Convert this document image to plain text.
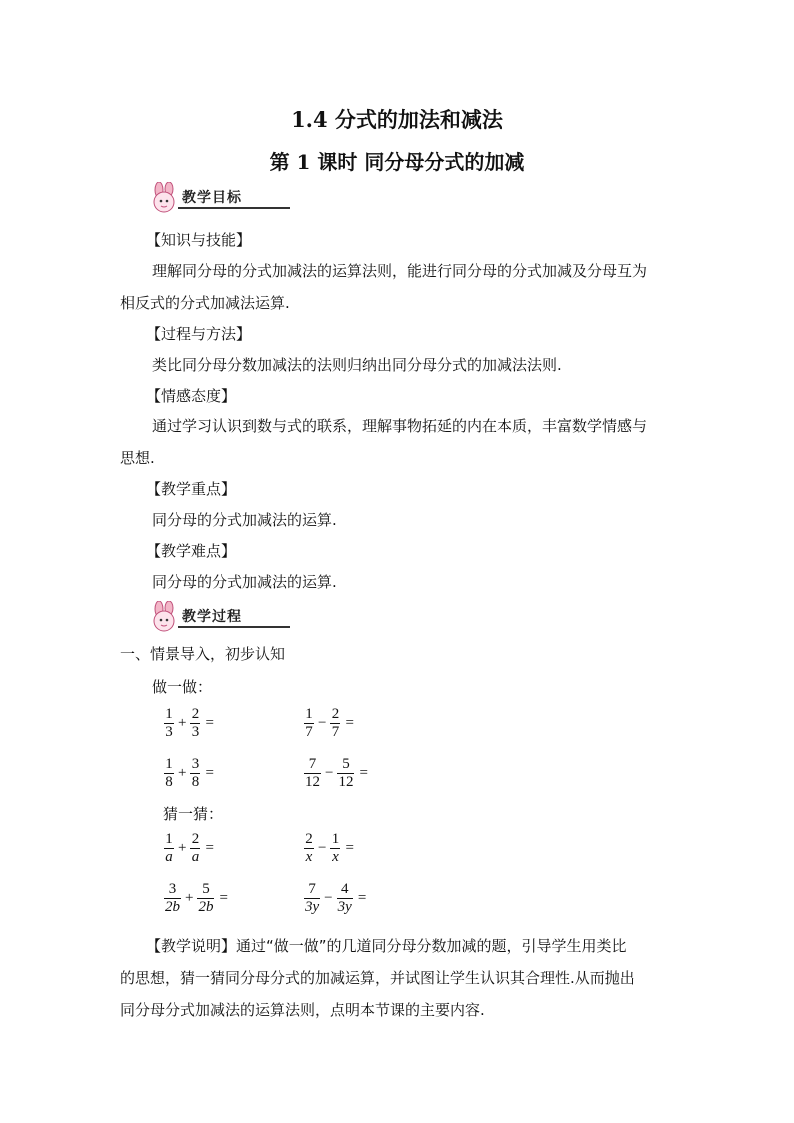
1.4 分式的加法和减法
第 1 课时 同分母分式的加减
教学目标
【知识与技能】
理解同分母的分式加减法的运算法则，能进行同分母的分式加减及分母互为
相反式的分式加减法运算.
【过程与方法】
类比同分母分数加减法的法则归纳出同分母分式的加减法法则.
【情感态度】
通过学习认识到数与式的联系，理解事物拓延的内在本质，丰富数学情感与
思想.
【教学重点】
同分母的分式加减法的运算.
【教学难点】
同分母的分式加减法的运算.
教学过程
一、情景导入，初步认知
做一做：
$\frac{1}{3} + \frac{2}{3}$ =	$\frac{1}{7} - \frac{2}{7}$ =
$\frac{1}{8} + \frac{3}{8}$ =	$\frac{7}{12} - \frac{5}{12}$ =
猜一猜：
$\frac{1}{a} + \frac{2}{a}$ =	$\frac{2}{x} - \frac{1}{x}$ =
$\frac{3}{2b} + \frac{5}{2b}$ =	$\frac{7}{3y} - \frac{4}{3y}$ =
【教学说明】通过“做一做”的几道同分母分数加减的题，引导学生用类比
的思想，猜一猜同分母分式的加减运算，并试图让学生认识其合理性.从而抛出
同分母分式加减法的运算法则，点明本节课的主要内容.
